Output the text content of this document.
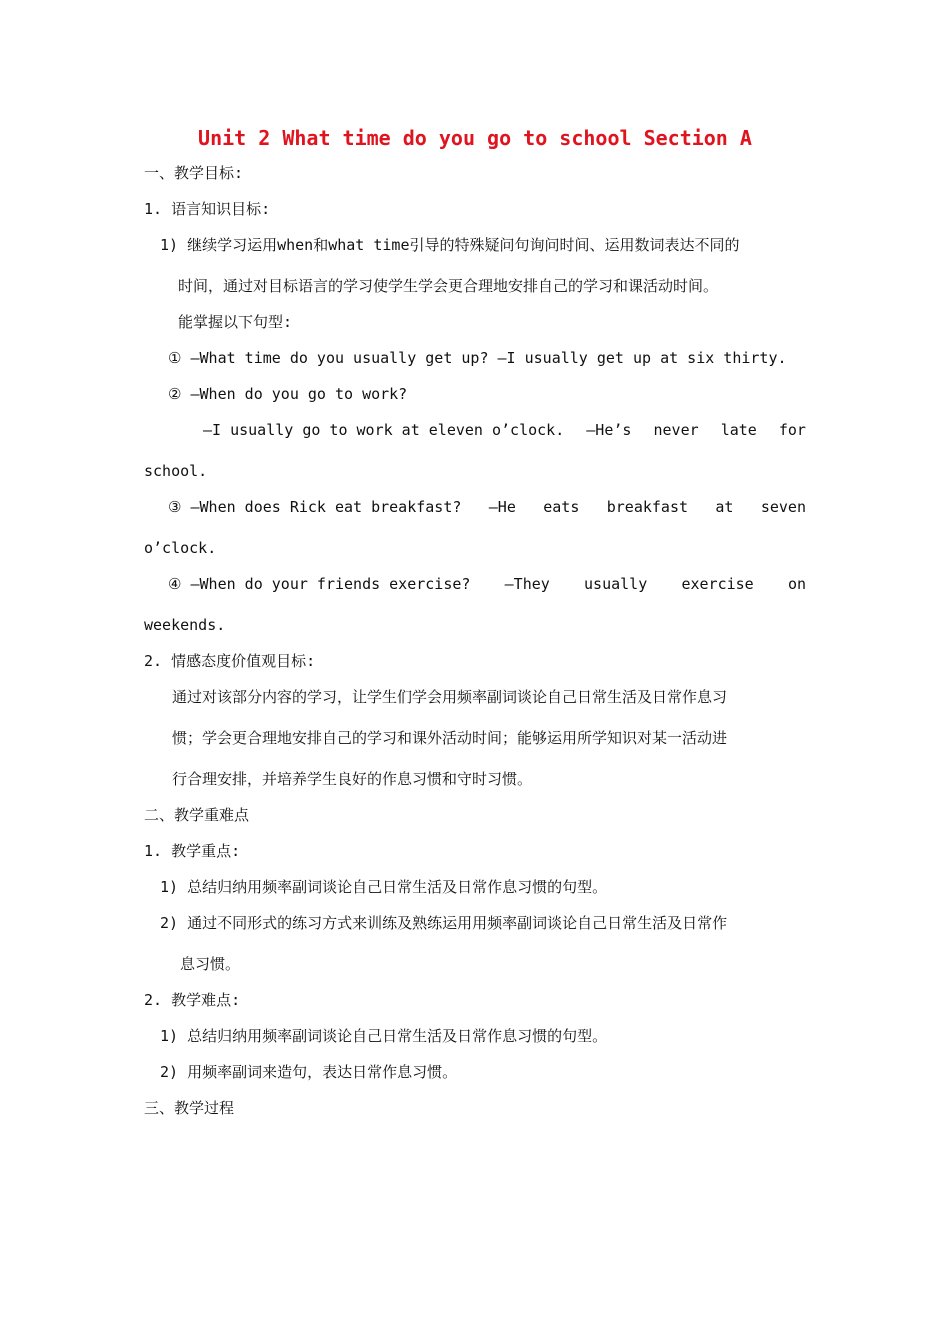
Unit 2 What time do you go to school Section A
一、教学目标:
1. 语言知识目标:
1) 继续学习运用when和what time引导的特殊疑问句询问时间、运用数词表达不同的
时间，通过对目标语言的学习使学生学会更合理地安排自己的学习和课活动时间。
能掌握以下句型:
① —What time do you usually get up? —I usually get up at six thirty.
② —When do you go to work?
—I usually go to work at eleven o’clock. —He’s never late for
school.
③ —When does Rick eat breakfast? —He eats breakfast at seven
o’clock.
④ —When do your friends exercise? —They usually exercise on
weekends.
2. 情感态度价值观目标:
通过对该部分内容的学习，让学生们学会用频率副词谈论自己日常生活及日常作息习
惯；学会更合理地安排自己的学习和课外活动时间；能够运用所学知识对某一活动进
行合理安排，并培养学生良好的作息习惯和守时习惯。
二、教学重难点
1. 教学重点:
1) 总结归纳用频率副词谈论自己日常生活及日常作息习惯的句型。
2) 通过不同形式的练习方式来训练及熟练运用用频率副词谈论自己日常生活及日常作
息习惯。
2. 教学难点:
1) 总结归纳用频率副词谈论自己日常生活及日常作息习惯的句型。
2) 用频率副词来造句，表达日常作息习惯。
三、教学过程
